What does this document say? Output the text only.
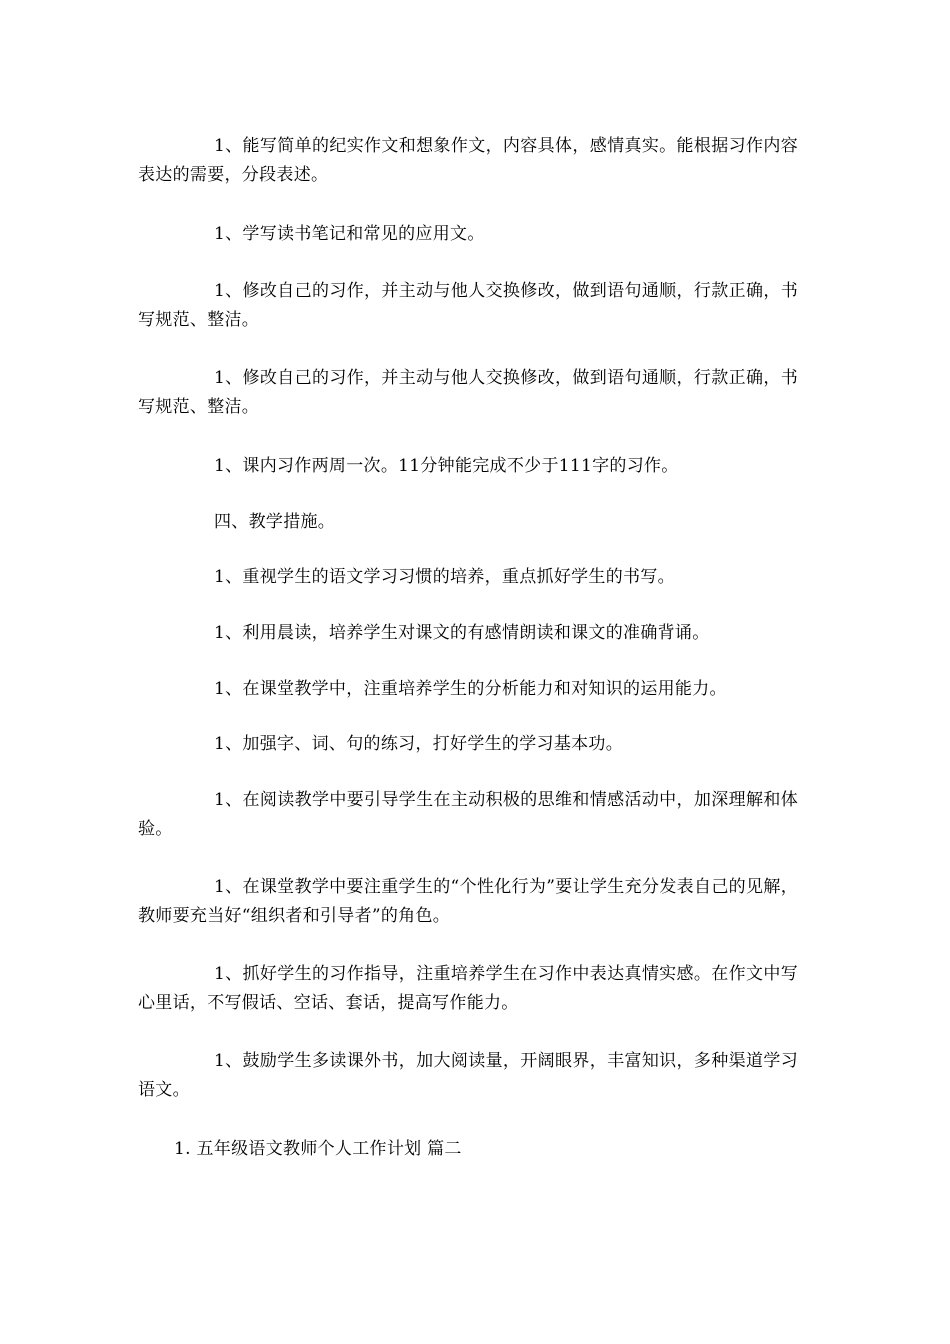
1、能写简单的纪实作文和想象作文，内容具体，感情真实。能根据习作内容表达的需要，分段表述。

1、学写读书笔记和常见的应用文。

1、修改自己的习作，并主动与他人交换修改，做到语句通顺，行款正确，书写规范、整洁。

1、修改自己的习作，并主动与他人交换修改，做到语句通顺，行款正确，书写规范、整洁。

1、课内习作两周一次。11分钟能完成不少于111字的习作。

四、教学措施。

1、重视学生的语文学习习惯的培养，重点抓好学生的书写。

1、利用晨读，培养学生对课文的有感情朗读和课文的准确背诵。

1、在课堂教学中，注重培养学生的分析能力和对知识的运用能力。

1、加强字、词、句的练习，打好学生的学习基本功。

1、在阅读教学中要引导学生在主动积极的思维和情感活动中，加深理解和体验。

1、在课堂教学中要注重学生的“个性化行为”要让学生充分发表自己的见解，教师要充当好“组织者和引导者”的角色。

1、抓好学生的习作指导，注重培养学生在习作中表达真情实感。在作文中写心里话，不写假话、空话、套话，提高写作能力。

1、鼓励学生多读课外书，加大阅读量，开阔眼界，丰富知识，多种渠道学习语文。

1. 五年级语文教师个人工作计划 篇二
